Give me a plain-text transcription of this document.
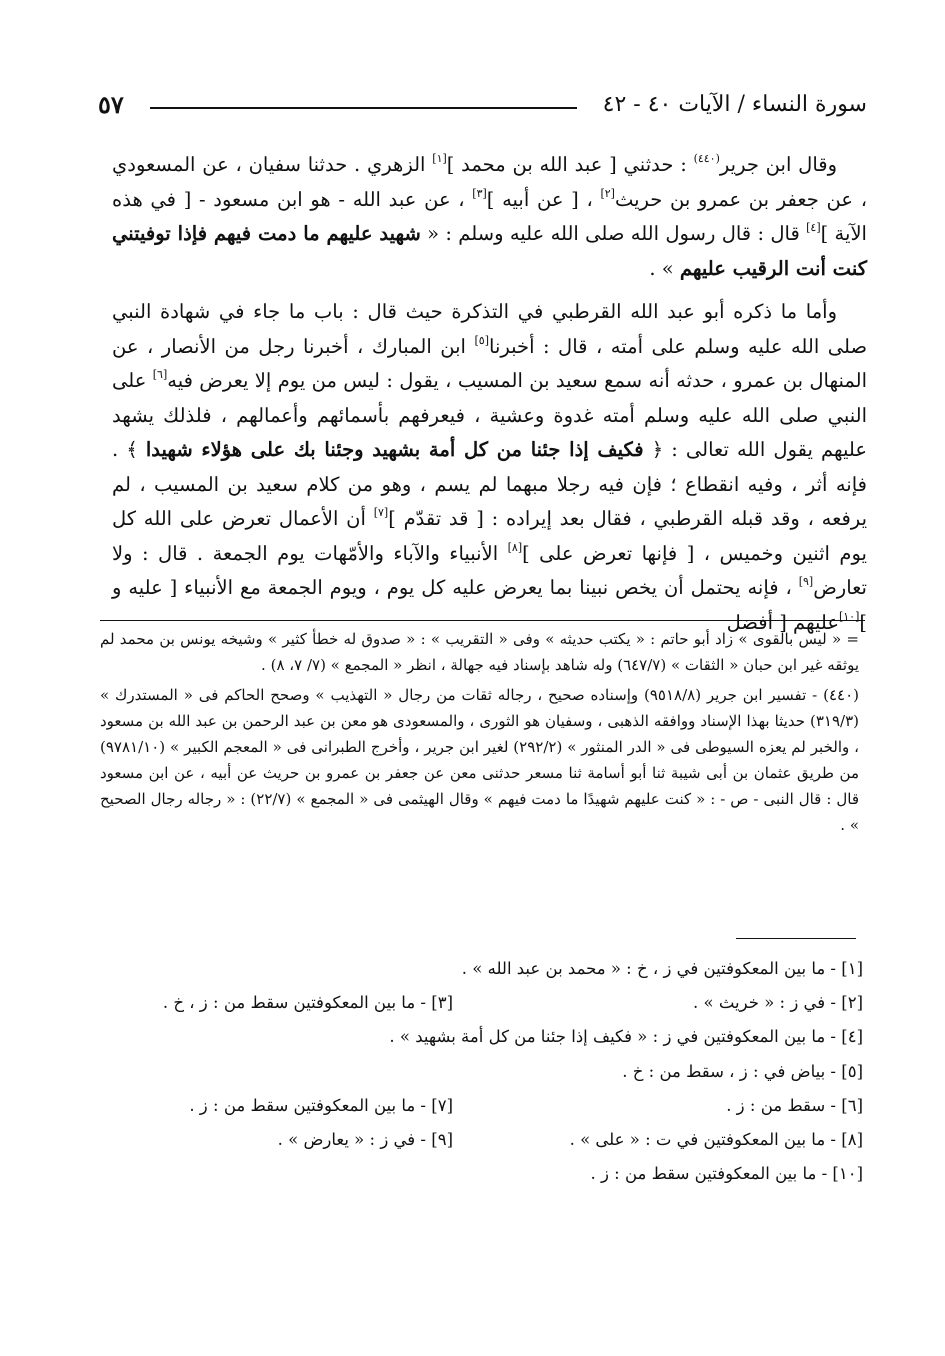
سورة النساء / الآيات ٤٠ - ٤٢
٥٧

وقال ابن جرير$^{(٤٤٠)}$ : حدثني [ عبد الله بن محمد ][١] الزهري . حدثنا سفيان ، عن المسعودي ، عن جعفر بن عمرو بن حريث[٢] ، [ عن أبيه ][٣] ، عن عبد الله - هو ابن مسعود - [ في هذه الآية ][٤] قال : قال رسول الله صلى الله عليه وسلم : « شهيد عليهم ما دمت فيهم فإذا توفيتني كنت أنت الرقيب عليهم » .

وأما ما ذكره أبو عبد الله القرطبي في التذكرة حيث قال : باب ما جاء في شهادة النبي صلى الله عليه وسلم على أمته ، قال : أخبرنا[٥] ابن المبارك ، أخبرنا رجل من الأنصار ، عن المنهال بن عمرو ، حدثه أنه سمع سعيد بن المسيب ، يقول : ليس من يوم إلا يعرض فيه[٦] على النبي صلى الله عليه وسلم أمته غدوة وعشية ، فيعرفهم بأسمائهم وأعمالهم ، فلذلك يشهد عليهم يقول الله تعالى : ﴿ فكيف إذا جئنا من كل أمة بشهيد وجئنا بك على هؤلاء شهيدا ﴾ . فإنه أثر ، وفيه انقطاع ؛ فإن فيه رجلا مبهما لم يسم ، وهو من كلام سعيد بن المسيب ، لم يرفعه ، وقد قبله القرطبي ، فقال بعد إيراده : [ قد تقدّم ][٧] أن الأعمال تعرض على الله كل يوم اثنين وخميس ، [ فإنها تعرض على ][٨] الأنبياء والآباء والأمّهات يوم الجمعة . قال : ولا تعارض[٩] ، فإنه يحتمل أن يخص نبينا بما يعرض عليه كل يوم ، ويوم الجمعة مع الأنبياء [ عليه و ][١٠]عليهم [ أفضل

= « ليس بالقوى » زاد أبو حاتم : « يكتب حديثه » وفى « التقريب » : « صدوق له خطأ كثير » وشيخه يونس بن محمد لم يوثقه غير ابن حبان « الثقات » (٦٤٧/٧) وله شاهد بإسناد فيه جهالة ، انظر « المجمع » (٧/ ٧، ٨) .

(٤٤٠) - تفسير ابن جرير (٩٥١٨/٨) وإسناده صحيح ، رجاله ثقات من رجال « التهذيب » وصحح الحاكم فى « المستدرك » (٣١٩/٣) حديثا بهذا الإسناد ووافقه الذهبى ، وسفيان هو الثورى ، والمسعودى هو معن بن عبد الرحمن بن عبد الله بن مسعود ، والخبر لم يعزه السيوطى فى « الدر المنثور » (٢٩٢/٢) لغير ابن جرير ، وأخرج الطبرانى فى « المعجم الكبير » (٩٧٨١/١٠) من طريق عثمان بن أبى شيبة ثنا أبو أسامة ثنا مسعر حدثنى معن عن جعفر بن عمرو بن حريث عن أبيه ، عن ابن مسعود قال : قال النبى - ص - : « كنت عليهم شهيدًا ما دمت فيهم » وقال الهيثمى فى « المجمع » (٢٢/٧) : « رجاله رجال الصحيح » .

[١] - ما بين المعكوفتين في ز ، خ : « محمد بن عبد الله » .
[٢] - في ز : « خريث » .
[٣] - ما بين المعكوفتين سقط من : ز ، خ .
[٤] - ما بين المعكوفتين في ز : « فكيف إذا جئنا من كل أمة بشهيد » .
[٥] - بياض في : ز ، سقط من : خ .
[٦] - سقط من : ز .
[٧] - ما بين المعكوفتين سقط من : ز .
[٨] - ما بين المعكوفتين في ت : « على » .
[٩] - في ز : « يعارض » .
[١٠] - ما بين المعكوفتين سقط من : ز .
